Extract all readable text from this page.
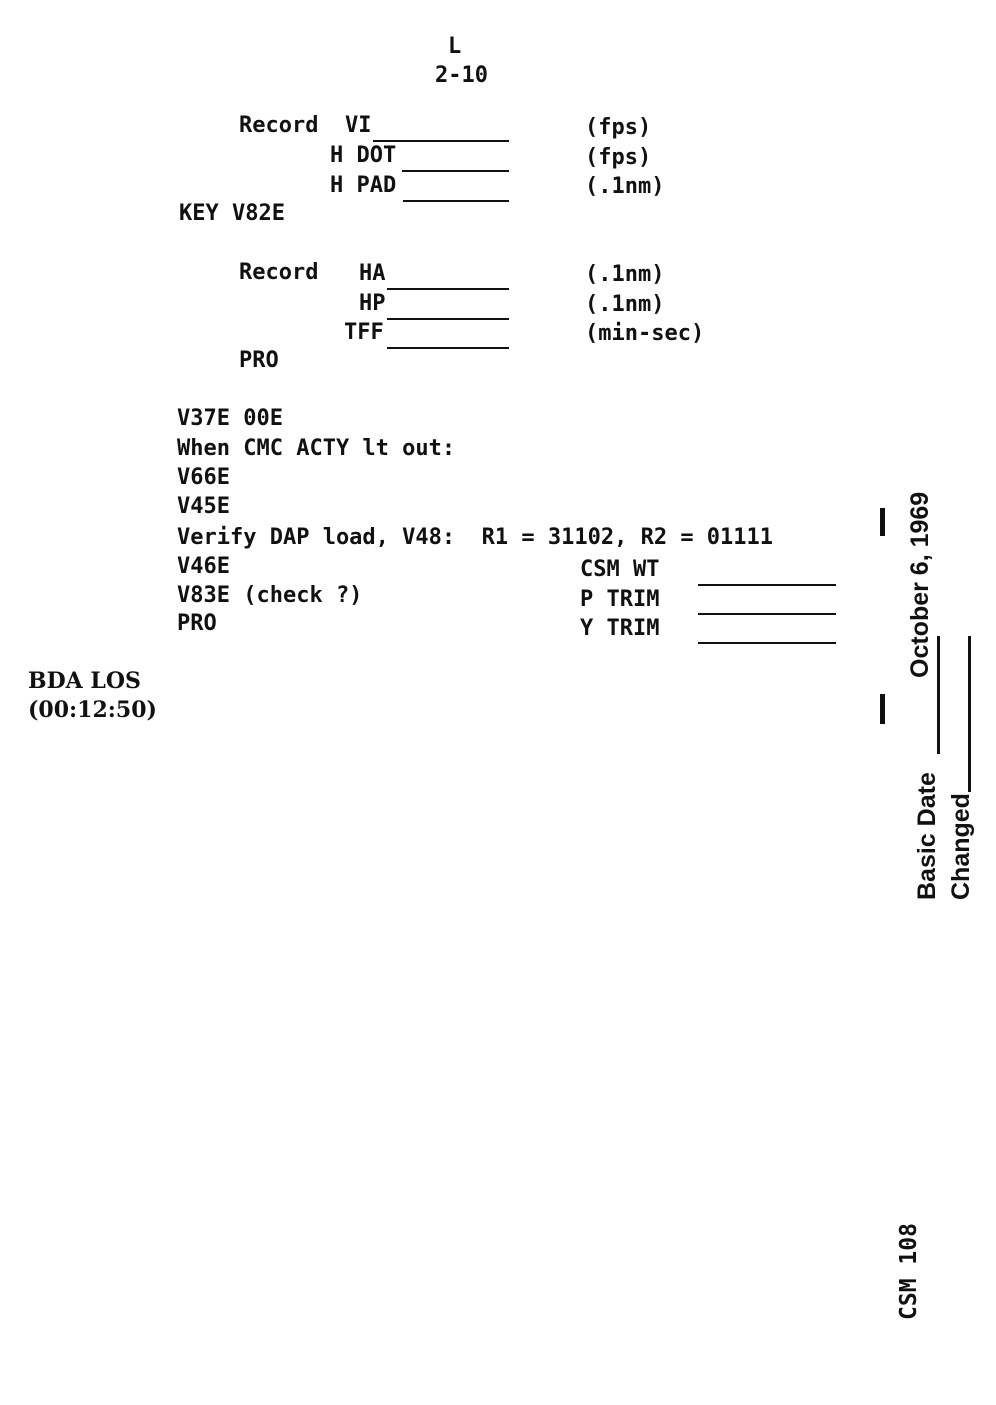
L
2-10
Record VI	(fps)
H DOT	(fps)
H PAD	(.1nm)
KEY V82E
Record HA	(.1nm)
HP	(.1nm)
TFF	(min-sec)
PRO
V37E 00E
When CMC ACTY lt out:
V66E
V45E
Verify DAP load, V48:  R1 = 31102, R2 = 01111
V46E
V83E (check ?)
PRO
CSM WT
P TRIM
Y TRIM
BDA LOS
(00:12:50)
October 6, 1969
Basic Date Changed
CSM 108
